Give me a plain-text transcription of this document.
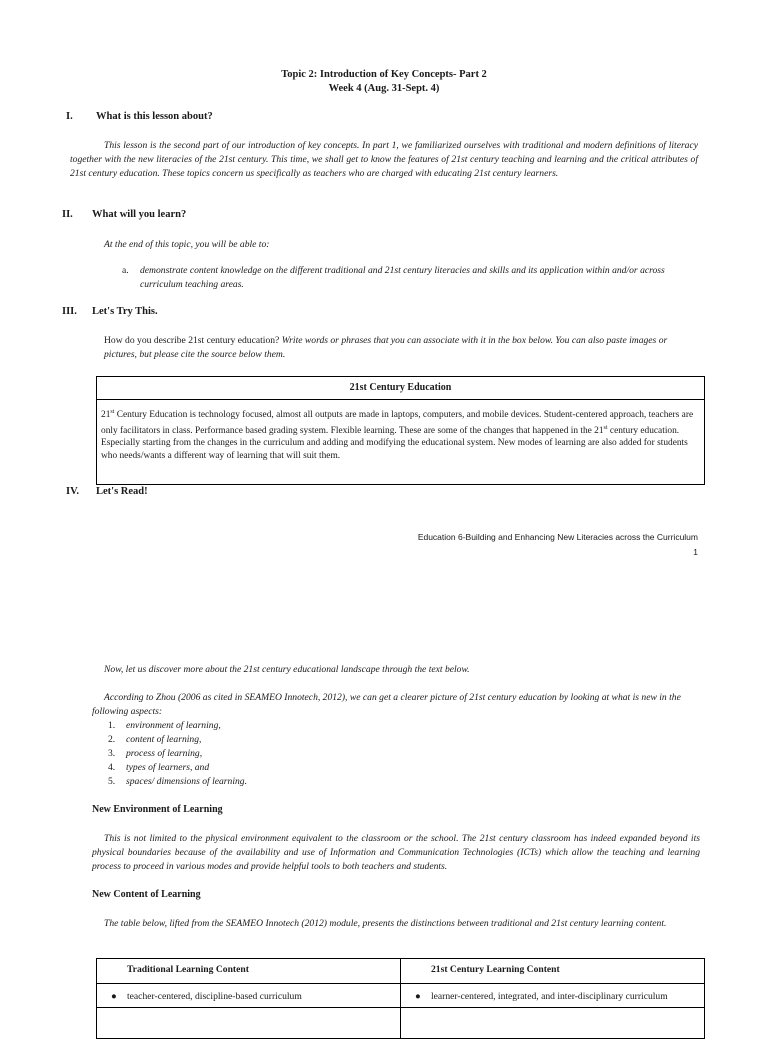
Topic 2: Introduction of Key Concepts- Part 2
Week 4 (Aug. 31-Sept. 4)
I. What is this lesson about?
This lesson is the second part of our introduction of key concepts. In part 1, we familiarized ourselves with traditional and modern definitions of literacy together with the new literacies of the 21st century. This time, we shall get to know the features of 21st century teaching and learning and the critical attributes of 21st century education. These topics concern us specifically as teachers who are charged with educating 21st century learners.
II. What will you learn?
At the end of this topic, you will be able to:
a.	demonstrate content knowledge on the different traditional and 21st century literacies and skills and its application within and/or across curriculum teaching areas.
III. Let's Try This.
How do you describe 21st century education? Write words or phrases that you can associate with it in the box below. You can also paste images or pictures, but please cite the source below them.
21st Century Education
21st Century Education is technology focused, almost all outputs are made in laptops, computers, and mobile devices. Student-centered approach, teachers are only facilitators in class. Performance based grading system. Flexible learning. These are some of the changes that happened in the 21st century education. Especially starting from the changes in the curriculum and adding and modifying the educational system. New modes of learning are also added for students who needs/wants a different way of learning that will suit them.
IV. Let's Read!
Education 6-Building and Enhancing New Literacies across the Curriculum
1
Now, let us discover more about the 21st century educational landscape through the text below.
According to Zhou (2006 as cited in SEAMEO Innotech, 2012), we can get a clearer picture of 21st century education by looking at what is new in the following aspects:
1. environment of learning,
2. content of learning,
3. process of learning,
4. types of learners, and
5. spaces/ dimensions of learning.
New Environment of Learning
This is not limited to the physical environment equivalent to the classroom or the school. The 21st century classroom has indeed expanded beyond its physical boundaries because of the availability and use of Information and Communication Technologies (ICTs) which allow the teaching and learning process to proceed in various modes and provide helpful tools to both teachers and students.
New Content of Learning
The table below, lifted from the SEAMEO Innotech (2012) module, presents the distinctions between traditional and 21st century learning content.
Traditional Learning Content	21st Century Learning Content

● teacher-centered, discipline-based curriculum	● learner-centered, integrated, and inter-disciplinary curriculum
